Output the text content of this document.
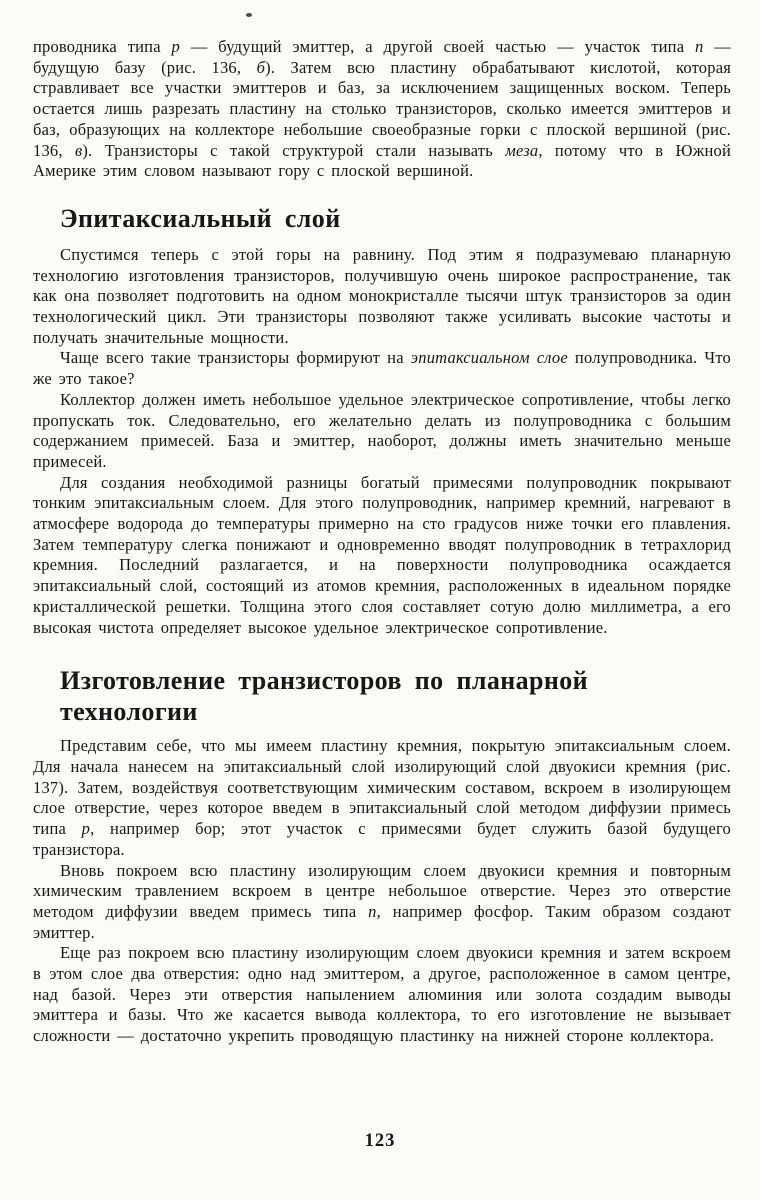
проводника типа p — будущий эмиттер, а другой своей частью — участок типа n — будущую базу (рис. 136, б). Затем всю пластину обрабатывают кислотой, которая стравливает все участки эмиттеров и баз, за исключением защищенных воском. Теперь остается лишь разрезать пластину на столько транзисторов, сколько имеется эмиттеров и баз, образующих на коллекторе небольшие своеобразные горки с плоской вершиной (рис. 136, в). Транзисторы с такой структурой стали называть меза, потому что в Южной Америке этим словом называют гору с плоской вершиной.

Эпитаксиальный слой

Спустимся теперь с этой горы на равнину. Под этим я подразумеваю планарную технологию изготовления транзисторов, получившую очень широкое распространение, так как она позволяет подготовить на одном монокристалле тысячи штук транзисторов за один технологический цикл. Эти транзисторы позволяют также усиливать высокие частоты и получать значительные мощности.

Чаще всего такие транзисторы формируют на эпитаксиальном слое полупроводника. Что же это такое?

Коллектор должен иметь небольшое удельное электрическое сопротивление, чтобы легко пропускать ток. Следовательно, его желательно делать из полупроводника с большим содержанием примесей. База и эмиттер, наоборот, должны иметь значительно меньше примесей.

Для создания необходимой разницы богатый примесями полупроводник покрывают тонким эпитаксиальным слоем. Для этого полупроводник, например кремний, нагревают в атмосфере водорода до температуры примерно на сто градусов ниже точки его плавления. Затем температуру слегка понижают и одновременно вводят полупроводник в тетрахлорид кремния. Последний разлагается, и на поверхности полупроводника осаждается эпитаксиальный слой, состоящий из атомов кремния, расположенных в идеальном порядке кристаллической решетки. Толщина этого слоя составляет сотую долю миллиметра, а его высокая чистота определяет высокое удельное электрическое сопротивление.

Изготовление транзисторов по планарной технологии

Представим себе, что мы имеем пластину кремния, покрытую эпитаксиальным слоем. Для начала нанесем на эпитаксиальный слой изолирующий слой двуокиси кремния (рис. 137). Затем, воздействуя соответствующим химическим составом, вскроем в изолирующем слое отверстие, через которое введем в эпитаксиальный слой методом диффузии примесь типа p, например бор; этот участок с примесями будет служить базой будущего транзистора.

Вновь покроем всю пластину изолирующим слоем двуокиси кремния и повторным химическим травлением вскроем в центре небольшое отверстие. Через это отверстие методом диффузии введем примесь типа n, например фосфор. Таким образом создают эмиттер.

Еще раз покроем всю пластину изолирующим слоем двуокиси кремния и затем вскроем в этом слое два отверстия: одно над эмиттером, а другое, расположенное в самом центре, над базой. Через эти отверстия напылением алюминия или золота создадим выводы эмиттера и базы. Что же касается вывода коллектора, то его изготовление не вызывает сложности — достаточно укрепить проводящую пластинку на нижней стороне коллектора.

123
